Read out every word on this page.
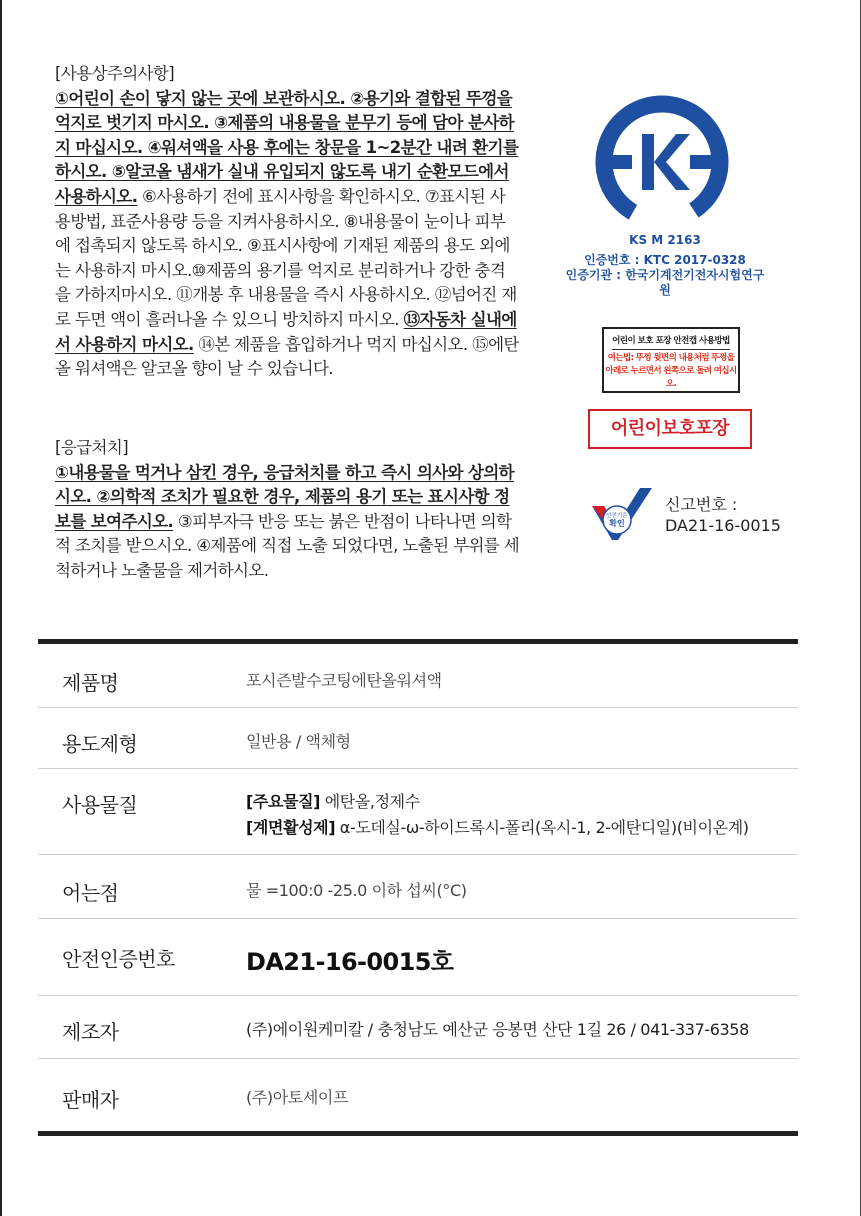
[사용상주의사항]

①어린이 손이 닿지 않는 곳에 보관하시오. ②용기와 결합된 뚜껑을 억지로 벗기지 마시오. ③제품의 내용물을 분무기 등에 담아 분사하지 마십시오. ④워셔액을 사용 후에는 창문을 1~2분간 내려 환기를 하시오. ⑤알코올 냄새가 실내 유입되지 않도록 내기 순환모드에서 사용하시오. ⑥사용하기 전에 표시사항을 확인하시오. ⑦표시된 사용방법, 표준사용량 등을 지켜사용하시오. ⑧내용물이 눈이나 피부에 접촉되지 않도록 하시오. ⑨표시사항에 기재된 제품의 용도 외에는 사용하지 마시오.⑩제품의 용기를 억지로 분리하거나 강한 충격을 가하지마시오. ⑪개봉 후 내용물을 즉시 사용하시오. ⑫넘어진 재로 두면 액이 흘러나올 수 있으니 방치하지 마시오. ⑬자동차 실내에서 사용하지 마시오. ⑭본 제품을 흡입하거나 먹지 마십시오. ⑮에탄올 워셔액은 알코올 향이 날 수 있습니다.

[응급처치]

①내용물을 먹거나 삼킨 경우, 응급처치를 하고 즉시 의사와 상의하시오. ②의학적 조치가 필요한 경우, 제품의 용기 또는 표시사항 정보를 보여주시오. ③피부자극 반응 또는 붉은 반점이 나타나면 의학적 조치를 받으시오. ④제품에 직접 노출 되었다면, 노출된 부위를 세척하거나 노출물을 제거하시오.

KS M 2163
인증번호 : KTC 2017-0328
인증기관 : 한국기계전기전자시험연구원
어린이 보호 포장 안전캡 사용방법
여는법: 뚜껑 윗면의 내용처럼 뚜껑을
아래로 누르면서 왼쪽으로 돌려 여십시오.
어린이보호포장
안전기준
확인
신고번호 :
DA21-16-0015
제품명	포시즌발수코팅에탄올워셔액
용도제형	일반용 / 액체형
사용물질	[주요물질] 에탄올,정제수
[계면활성제] α-도데실-ω-하이드록시-폴리(옥시-1, 2-에탄디일)(비이온계)
어는점	물 =100:0 -25.0 이하 섭씨(°C)
안전인증번호	DA21-16-0015호
제조자	(주)에이원케미칼 / 충청남도 예산군 응봉면 산단 1길 26 / 041-337-6358
판매자	(주)아토세이프
